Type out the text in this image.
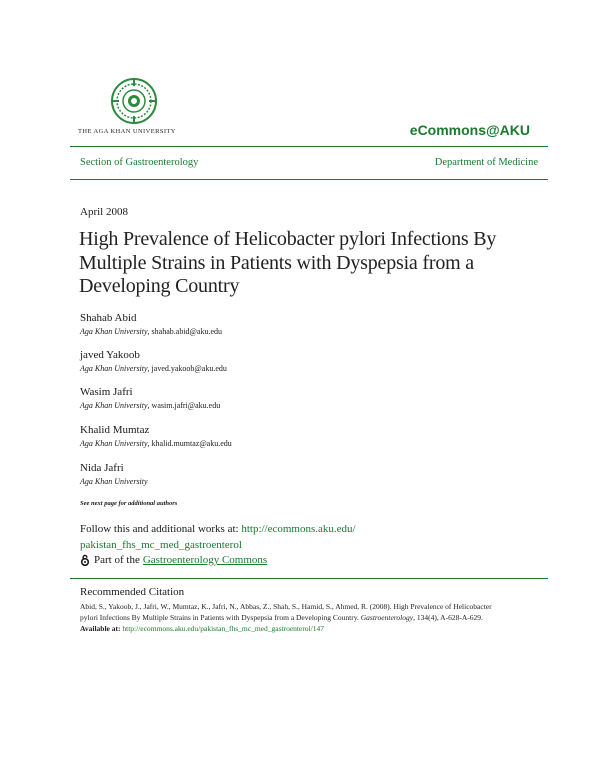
THE AGA KHAN UNIVERSITY	eCommons@AKU
Section of Gastroenterology	Department of Medicine
April 2008
High Prevalence of Helicobacter pylori Infections By Multiple Strains in Patients with Dyspepsia from a Developing Country
Shahab Abid
Aga Khan University, shahab.abid@aku.edu
javed Yakoob
Aga Khan University, javed.yakoob@aku.edu
Wasim Jafri
Aga Khan University, wasim.jafri@aku.edu
Khalid Mumtaz
Aga Khan University, khalid.mumtaz@aku.edu
Nida Jafri
Aga Khan University
See next page for additional authors
Follow this and additional works at: http://ecommons.aku.edu/
pakistan_fhs_mc_med_gastroenterol
Part of the Gastroenterology Commons
Recommended Citation
Abid, S., Yakoob, J., Jafri, W., Mumtaz, K., Jafri, N., Abbas, Z., Shah, S., Hamid, S., Ahmed, R. (2008). High Prevalence of Helicobacter
pylori Infections By Multiple Strains in Patients with Dyspepsia from a Developing Country. Gastroenterology, 134(4), A-628-A-629.
Available at: http://ecommons.aku.edu/pakistan_fhs_mc_med_gastroenterol/147
